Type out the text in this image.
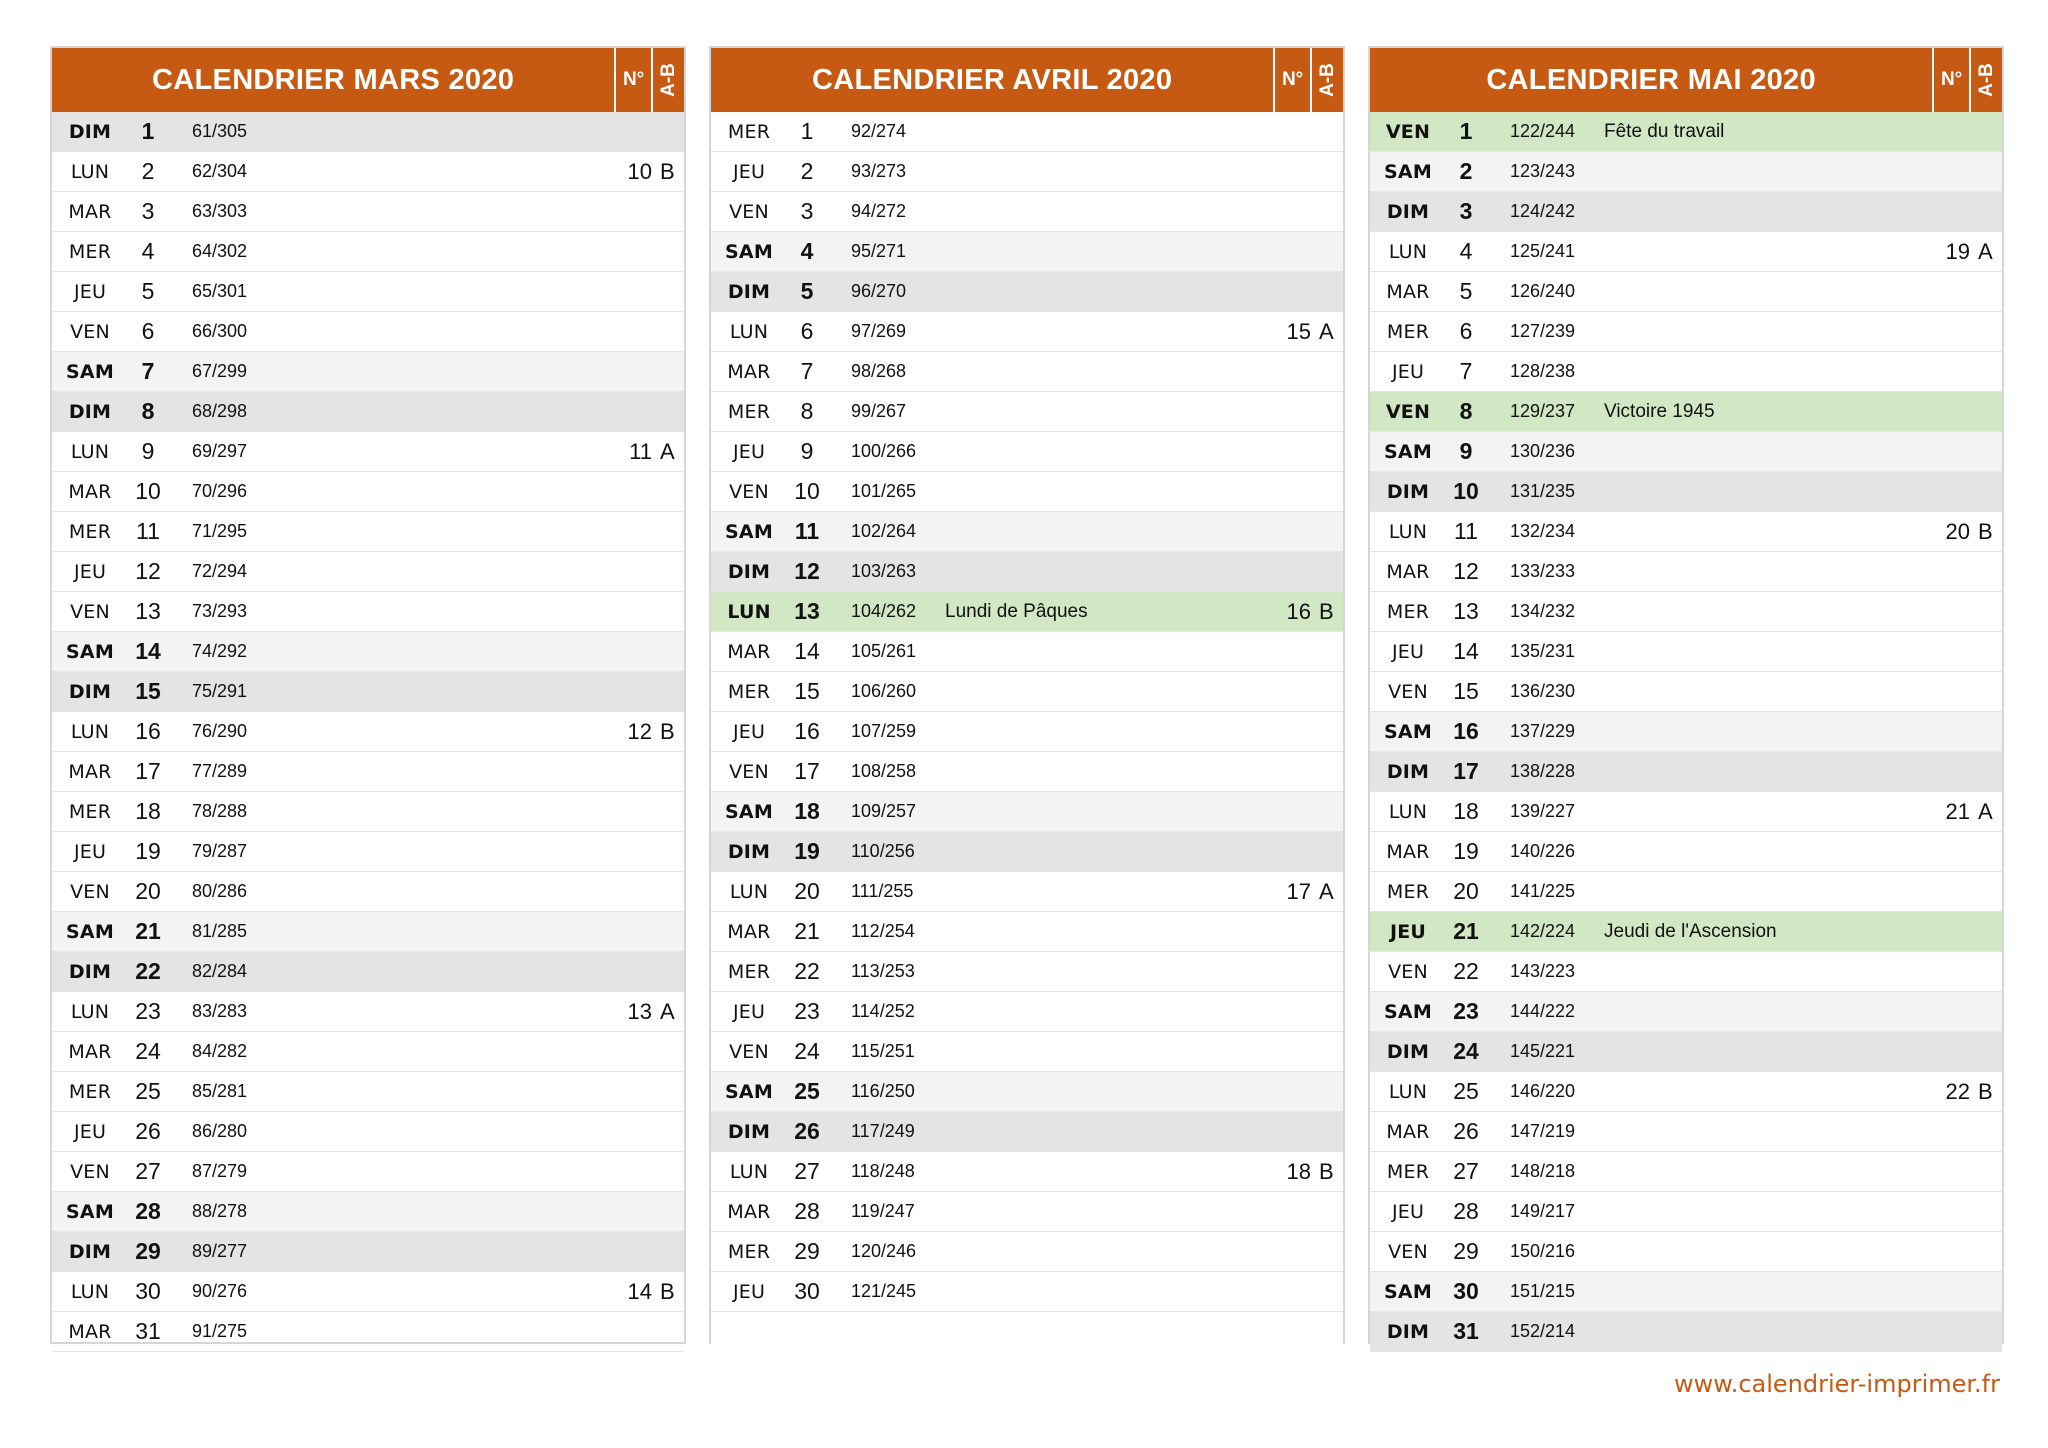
CALENDRIER MARS 2020	N° A-B
DIM	1	61/305
LUN	2	62/304	10 B
MAR	3	63/303
MER	4	64/302
JEU	5	65/301
VEN	6	66/300
SAM	7	67/299
DIM	8	68/298
LUN	9	69/297	11 A
MAR	10	70/296
MER	11	71/295
JEU	12	72/294
VEN	13	73/293
SAM 14	74/292
DIM	15	75/291
LUN	16	76/290	12 B
MAR	17	77/289
MER	18	78/288
JEU	19	79/287
VEN	20	80/286
SAM 21	81/285
DIM	22	82/284
LUN	23	83/283	13 A
MAR	24	84/282
MER	25	85/281
JEU	26	86/280
VEN	27	87/279
SAM 28	88/278
DIM	29	89/277
LUN	30	90/276	14 B
MAR	31	91/275
CALENDRIER AVRIL 2020	N° A-B
MER	1	92/274
JEU	2	93/273
VEN	3	94/272
SAM	4	95/271
DIM	5	96/270
LUN	6	97/269	15 A
MAR	7	98/268
MER	8	99/267
JEU	9	100/266
VEN	10	101/265
SAM 11	102/264
DIM	12	103/263
LUN	13	104/262	Lundi de Pâques	16 B
MAR	14	105/261
MER	15	106/260
JEU	16	107/259
VEN	17	108/258
SAM 18	109/257
DIM	19	110/256
LUN	20	111/255	17 A
MAR	21	112/254
MER	22	113/253
JEU	23	114/252
VEN	24	115/251
SAM 25	116/250
DIM	26	117/249
LUN	27	118/248	18 B
MAR	28	119/247
MER	29	120/246
JEU	30	121/245
CALENDRIER MAI 2020	N° A-B
VEN	1	122/244	Fête du travail
SAM	2	123/243
DIM	3	124/242
LUN	4	125/241	19 A
MAR	5	126/240
MER	6	127/239
JEU	7	128/238
VEN	8	129/237	Victoire 1945
SAM	9	130/236
DIM	10	131/235
LUN	11	132/234	20 B
MAR	12	133/233
MER	13	134/232
JEU	14	135/231
VEN	15	136/230
SAM 16	137/229
DIM	17	138/228
LUN	18	139/227	21 A
MAR	19	140/226
MER	20	141/225
JEU	21	142/224	Jeudi de l'Ascension
VEN	22	143/223
SAM 23	144/222
DIM	24	145/221
LUN	25	146/220	22 B
MAR	26	147/219
MER	27	148/218
JEU	28	149/217
VEN	29	150/216
SAM 30	151/215
DIM	31	152/214
www.calendrier-imprimer.fr
